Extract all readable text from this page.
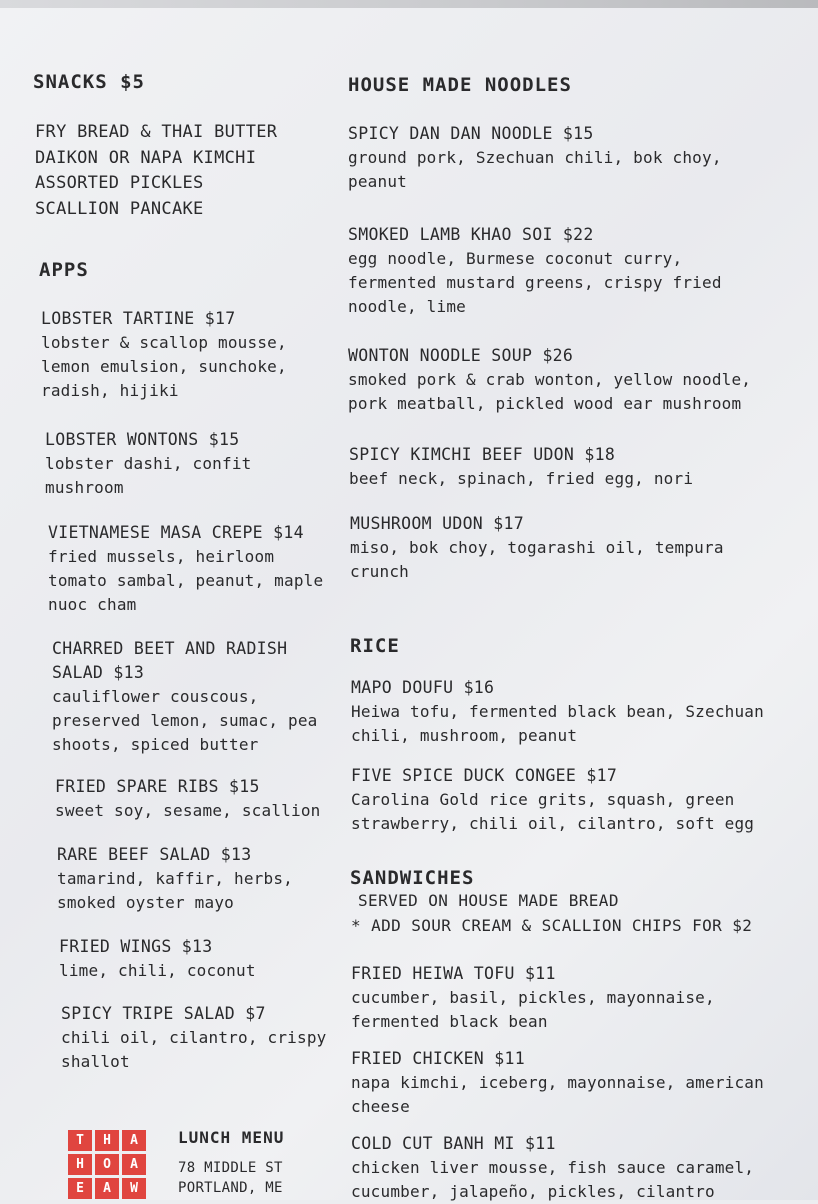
SNACKS $5
FRY BREAD & THAI BUTTER
DAIKON OR NAPA KIMCHI
ASSORTED PICKLES
SCALLION PANCAKE
APPS
LOBSTER TARTINE $17
lobster & scallop mousse, lemon emulsion, sunchoke, radish, hijiki
LOBSTER WONTONS $15
lobster dashi, confit mushroom
VIETNAMESE MASA CREPE $14
fried mussels, heirloom tomato sambal, peanut, maple nuoc cham
CHARRED BEET AND RADISH SALAD $13
cauliflower couscous, preserved lemon, sumac, pea shoots, spiced butter
FRIED SPARE RIBS $15
sweet soy, sesame, scallion
RARE BEEF SALAD $13
tamarind, kaffir, herbs, smoked oyster mayo
FRIED WINGS $13
lime, chili, coconut
SPICY TRIPE SALAD $7
chili oil, cilantro, crispy shallot
T	H	A
H	O	A
E	A	W
LUNCH MENU
78 MIDDLE ST
PORTLAND, ME
HOUSE MADE NOODLES
SPICY DAN DAN NOODLE $15
ground pork, Szechuan chili, bok choy, peanut
SMOKED LAMB KHAO SOI $22
egg noodle, Burmese coconut curry, fermented mustard greens, crispy fried noodle, lime
WONTON NOODLE SOUP $26
smoked pork & crab wonton, yellow noodle, pork meatball, pickled wood ear mushroom
SPICY KIMCHI BEEF UDON $18
beef neck, spinach, fried egg, nori
MUSHROOM UDON $17
miso, bok choy, togarashi oil, tempura crunch
RICE
MAPO DOUFU $16
Heiwa tofu, fermented black bean, Szechuan chili, mushroom, peanut
FIVE SPICE DUCK CONGEE $17
Carolina Gold rice grits, squash, green strawberry, chili oil, cilantro, soft egg
SANDWICHES
SERVED ON HOUSE MADE BREAD
* ADD SOUR CREAM & SCALLION CHIPS FOR $2
FRIED HEIWA TOFU $11
cucumber, basil, pickles, mayonnaise, fermented black bean
FRIED CHICKEN $11
napa kimchi, iceberg, mayonnaise, american cheese
COLD CUT BANH MI $11
chicken liver mousse, fish sauce caramel, cucumber, jalapeño, pickles, cilantro
